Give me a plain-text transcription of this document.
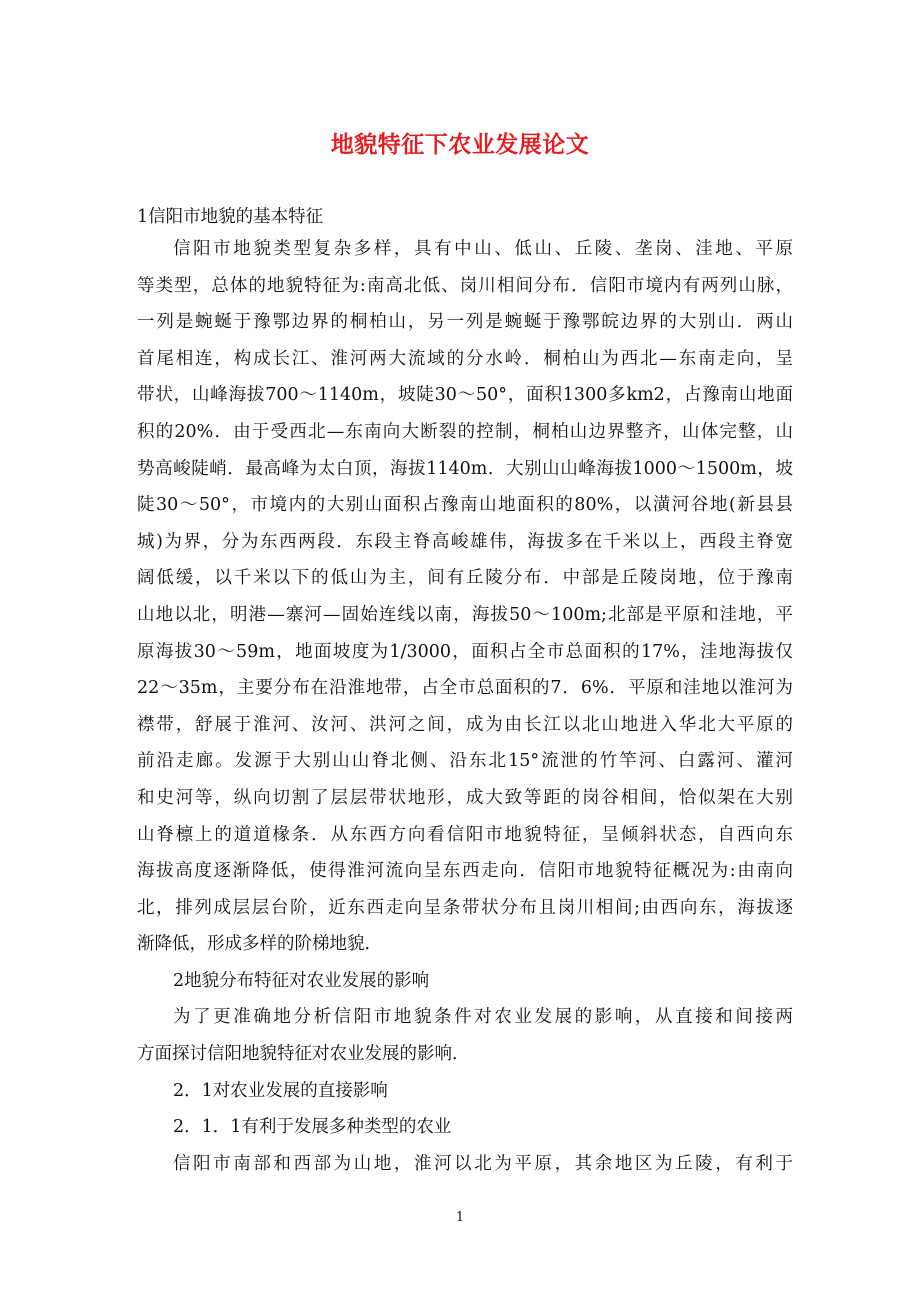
地貌特征下农业发展论文
1信阳市地貌的基本特征
信阳市地貌类型复杂多样，具有中山、低山、丘陵、垄岗、洼地、平原
等类型，总体的地貌特征为:南高北低、岗川相间分布．信阳市境内有两列山脉，
一列是蜿蜒于豫鄂边界的桐柏山，另一列是蜿蜒于豫鄂皖边界的大别山．两山
首尾相连，构成长江、淮河两大流域的分水岭．桐柏山为西北—东南走向，呈
带状，山峰海拔700～1140m，坡陡30～50°，面积1300多km2，占豫南山地面
积的20%．由于受西北—东南向大断裂的控制，桐柏山边界整齐，山体完整，山
势高峻陡峭．最高峰为太白顶，海拔1140m．大别山山峰海拔1000～1500m，坡
陡30～50°，市境内的大别山面积占豫南山地面积的80%，以潢河谷地(新县县
城)为界，分为东西两段．东段主脊高峻雄伟，海拔多在千米以上，西段主脊宽
阔低缓，以千米以下的低山为主，间有丘陵分布．中部是丘陵岗地，位于豫南
山地以北，明港—寨河—固始连线以南，海拔50～100m;北部是平原和洼地，平
原海拔30～59m，地面坡度为1/3000，面积占全市总面积的17%，洼地海拔仅
22～35m，主要分布在沿淮地带，占全市总面积的7．6%．平原和洼地以淮河为
襟带，舒展于淮河、汝河、洪河之间，成为由长江以北山地进入华北大平原的
前沿走廊。发源于大别山山脊北侧、沿东北15°流泄的竹竿河、白露河、灌河
和史河等，纵向切割了层层带状地形，成大致等距的岗谷相间，恰似架在大别
山脊檩上的道道椽条．从东西方向看信阳市地貌特征，呈倾斜状态，自西向东
海拔高度逐渐降低，使得淮河流向呈东西走向．信阳市地貌特征概况为:由南向
北，排列成层层台阶，近东西走向呈条带状分布且岗川相间;由西向东，海拔逐
渐降低，形成多样的阶梯地貌．
2地貌分布特征对农业发展的影响
为了更准确地分析信阳市地貌条件对农业发展的影响，从直接和间接两
方面探讨信阳地貌特征对农业发展的影响．
2．1对农业发展的直接影响
2．1．1有利于发展多种类型的农业
信阳市南部和西部为山地，淮河以北为平原，其余地区为丘陵，有利于
1
